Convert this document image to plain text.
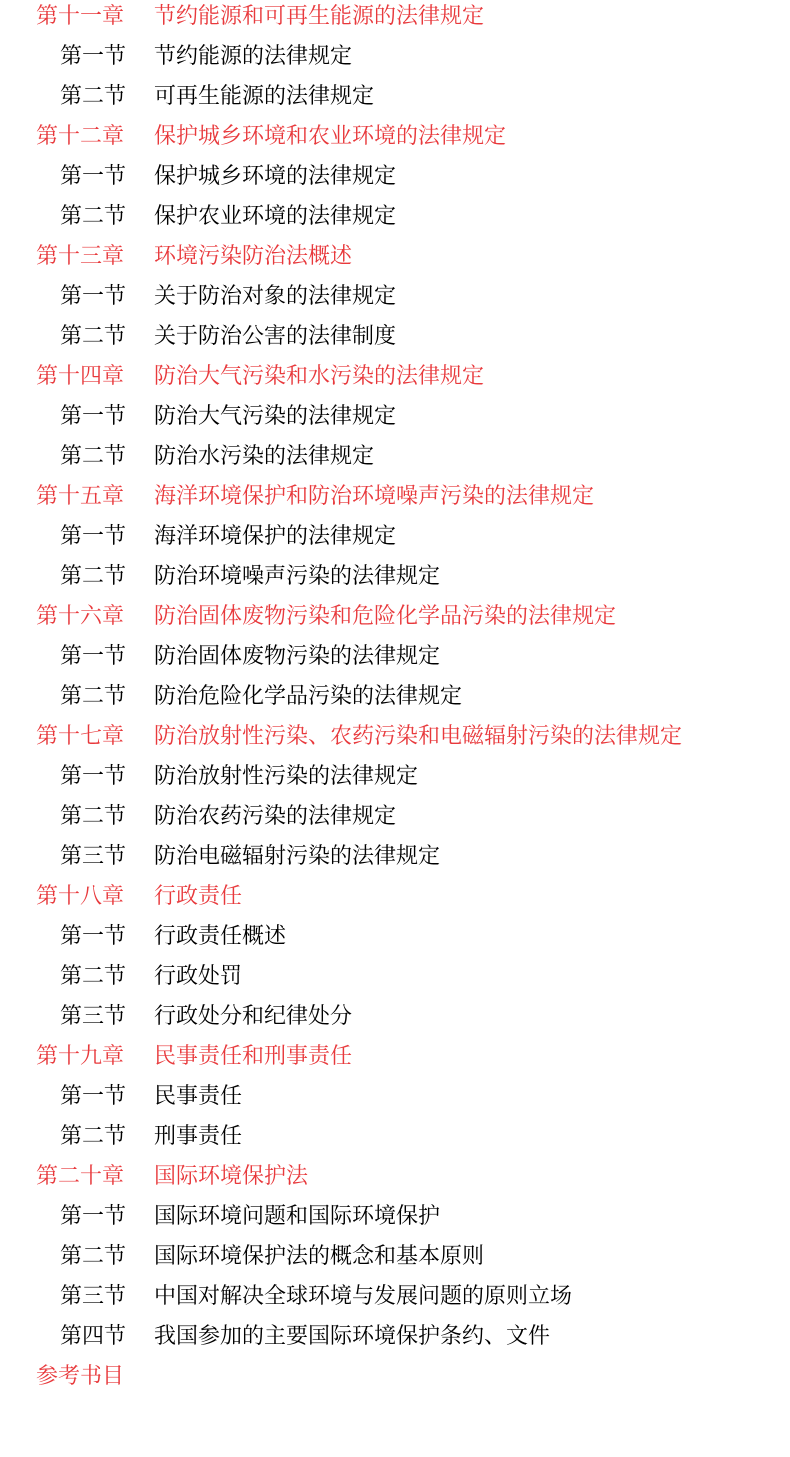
第十一章 节约能源和可再生能源的法律规定
第一节 节约能源的法律规定
第二节 可再生能源的法律规定
第十二章 保护城乡环境和农业环境的法律规定
第一节 保护城乡环境的法律规定
第二节 保护农业环境的法律规定
第十三章 环境污染防治法概述
第一节 关于防治对象的法律规定
第二节 关于防治公害的法律制度
第十四章 防治大气污染和水污染的法律规定
第一节 防治大气污染的法律规定
第二节 防治水污染的法律规定
第十五章 海洋环境保护和防治环境噪声污染的法律规定
第一节 海洋环境保护的法律规定
第二节 防治环境噪声污染的法律规定
第十六章 防治固体废物污染和危险化学品污染的法律规定
第一节 防治固体废物污染的法律规定
第二节 防治危险化学品污染的法律规定
第十七章 防治放射性污染、农药污染和电磁辐射污染的法律规定
第一节 防治放射性污染的法律规定
第二节 防治农药污染的法律规定
第三节 防治电磁辐射污染的法律规定
第十八章 行政责任
第一节 行政责任概述
第二节 行政处罚
第三节 行政处分和纪律处分
第十九章 民事责任和刑事责任
第一节 民事责任
第二节 刑事责任
第二十章 国际环境保护法
第一节 国际环境问题和国际环境保护
第二节 国际环境保护法的概念和基本原则
第三节 中国对解决全球环境与发展问题的原则立场
第四节 我国参加的主要国际环境保护条约、文件
参考书目
